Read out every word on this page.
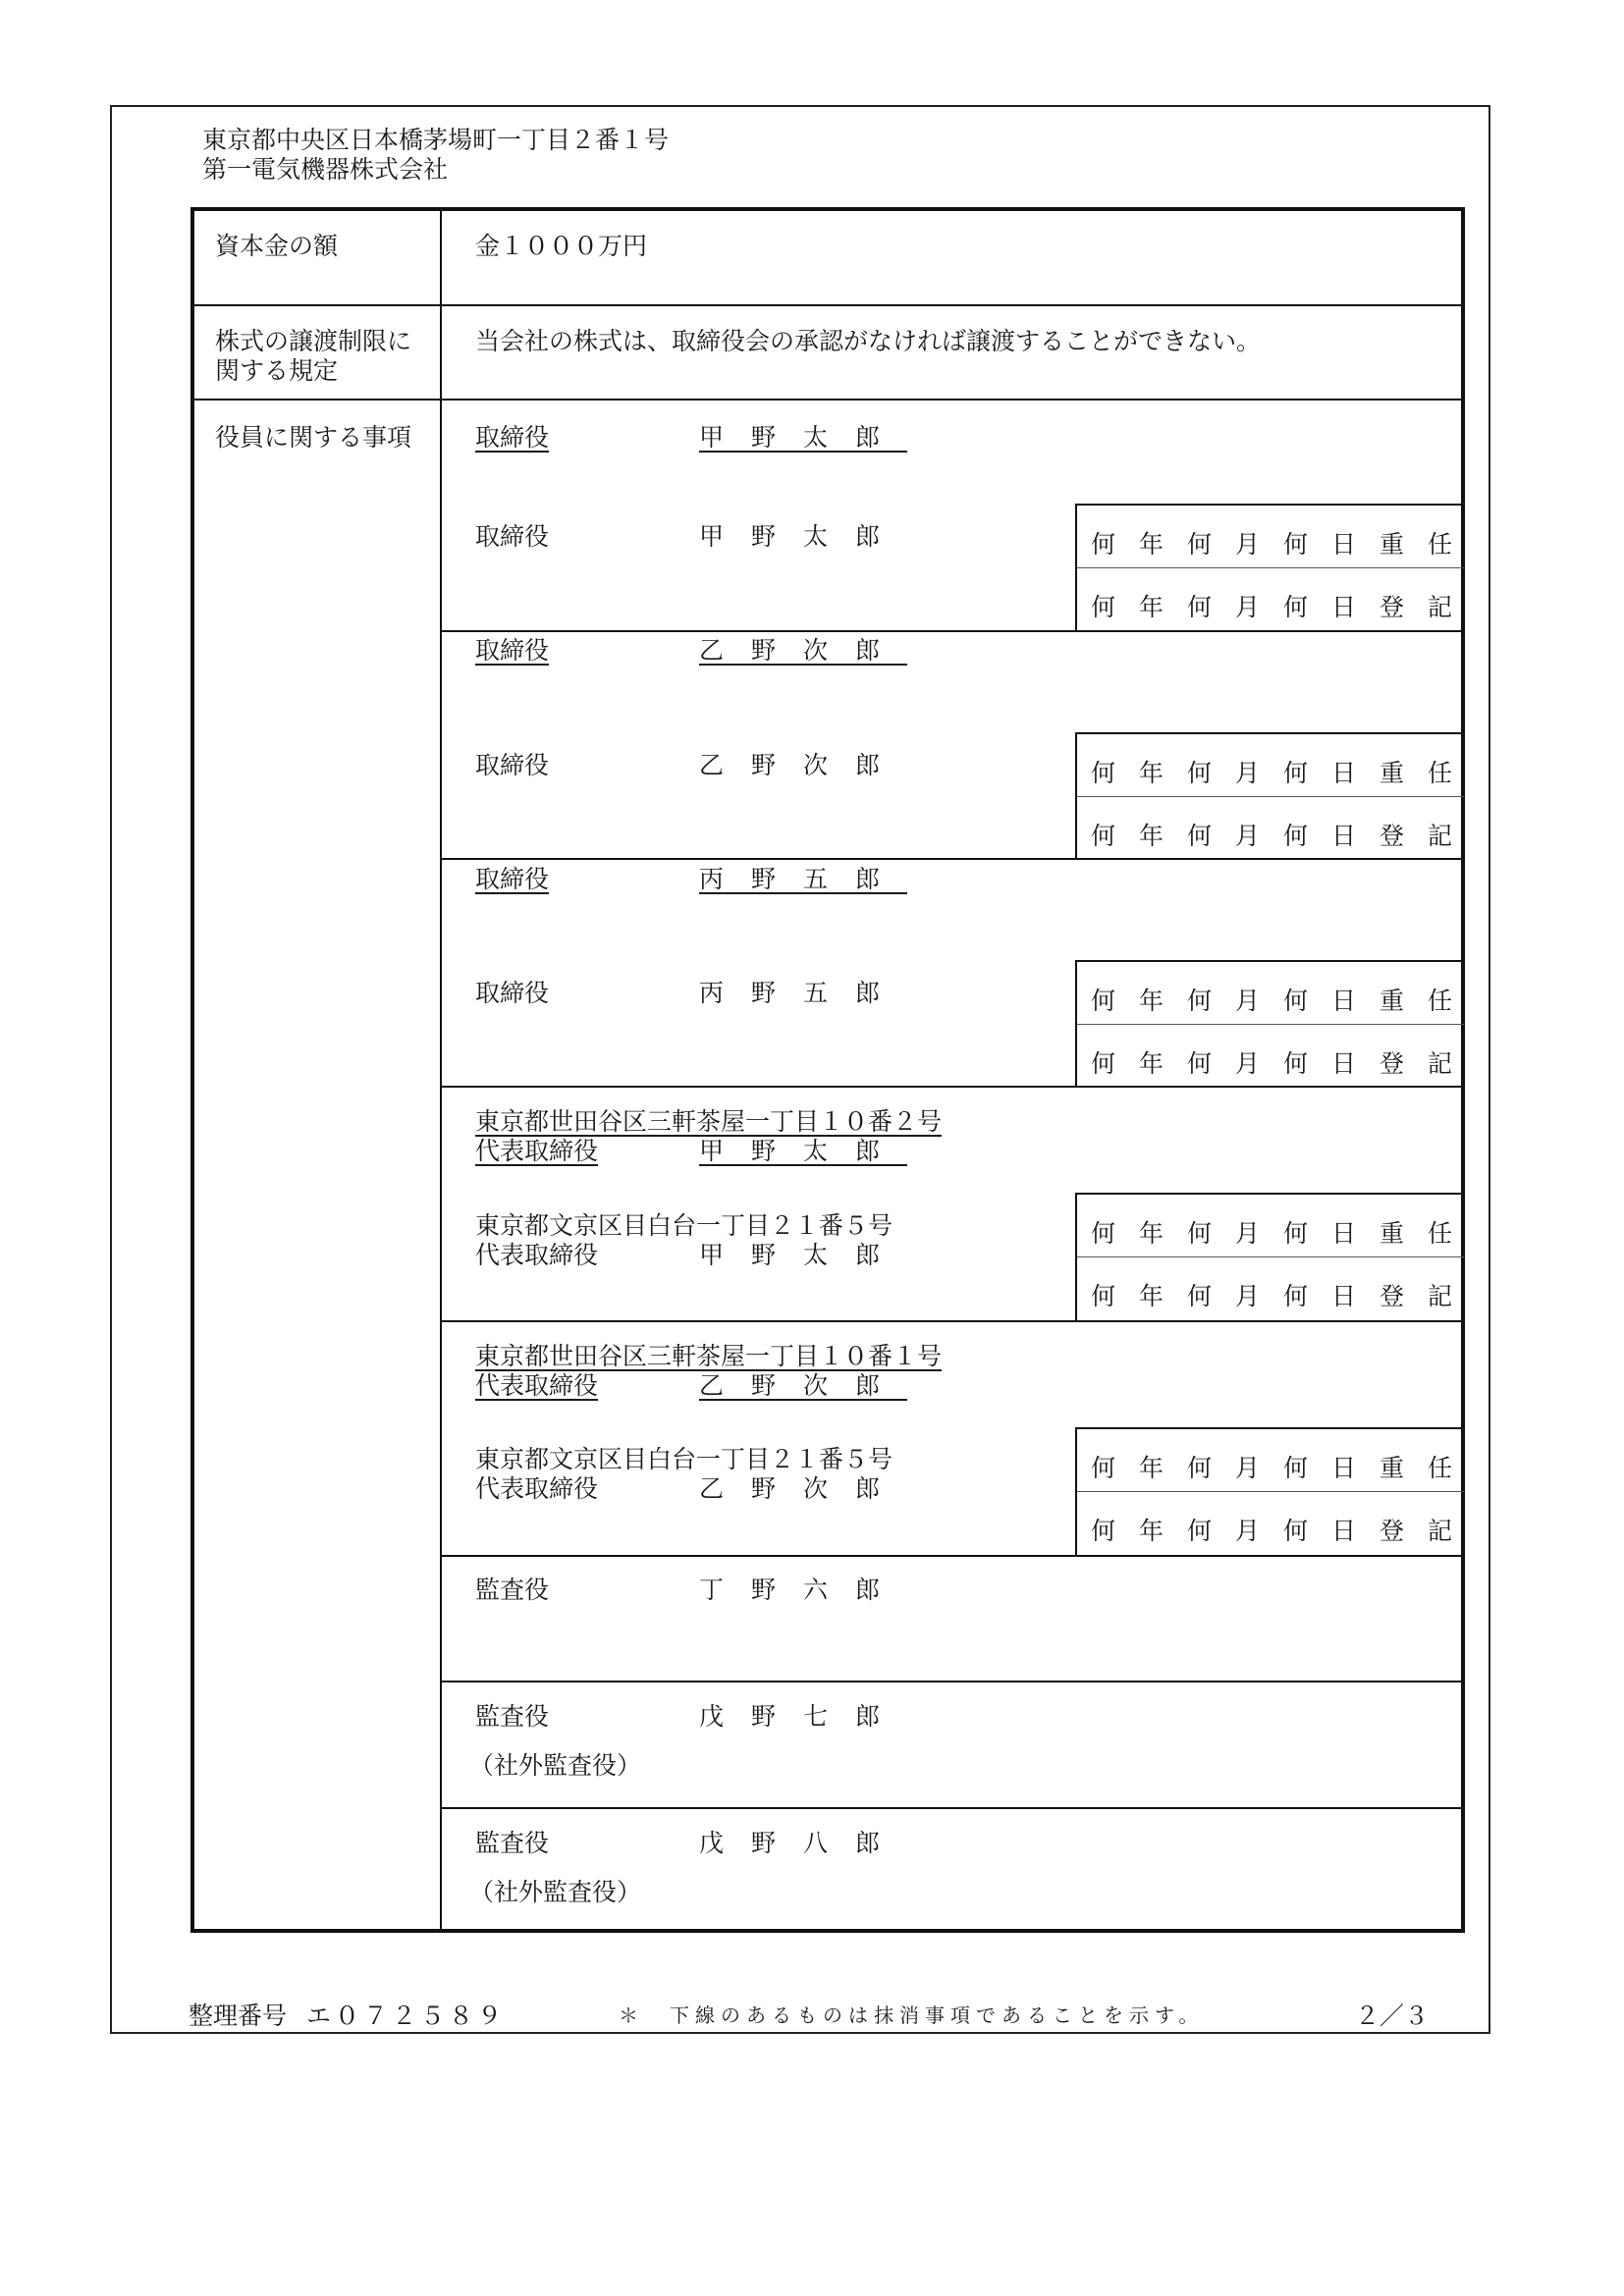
東京都中央区日本橋茅場町一丁目２番１号
第一電気機器株式会社
資本金の額	金１０００万円
株式の譲渡制限に
関する規定
当会社の株式は、取締役会の承認がなければ譲渡することができない。
役員に関する事項	取締役	甲野太郎
取締役	甲野太郎	何年何月何日重任
何年何月何日登記
取締役	乙野次郎
取締役	乙野次郎	何年何月何日重任
何年何月何日登記
取締役	丙野五郎
取締役	丙野五郎	何年何月何日重任
何年何月何日登記
東京都世田谷区三軒茶屋一丁目１０番２号
代表取締役	甲野太郎
東京都文京区目白台一丁目２１番５号
代表取締役	甲野太郎
何年何月何日重任
何年何月何日登記
東京都世田谷区三軒茶屋一丁目１０番１号
代表取締役	乙野次郎
東京都文京区目白台一丁目２１番５号
代表取締役	乙野次郎
何年何月何日重任
何年何月何日登記
監査役	丁野六郎
監査役	戊野七郎
（社外監査役）
監査役	戊野八郎
（社外監査役）
整理番号 エ０７２５８９	＊　下線のあるものは抹消事項であることを示す。	２／３
